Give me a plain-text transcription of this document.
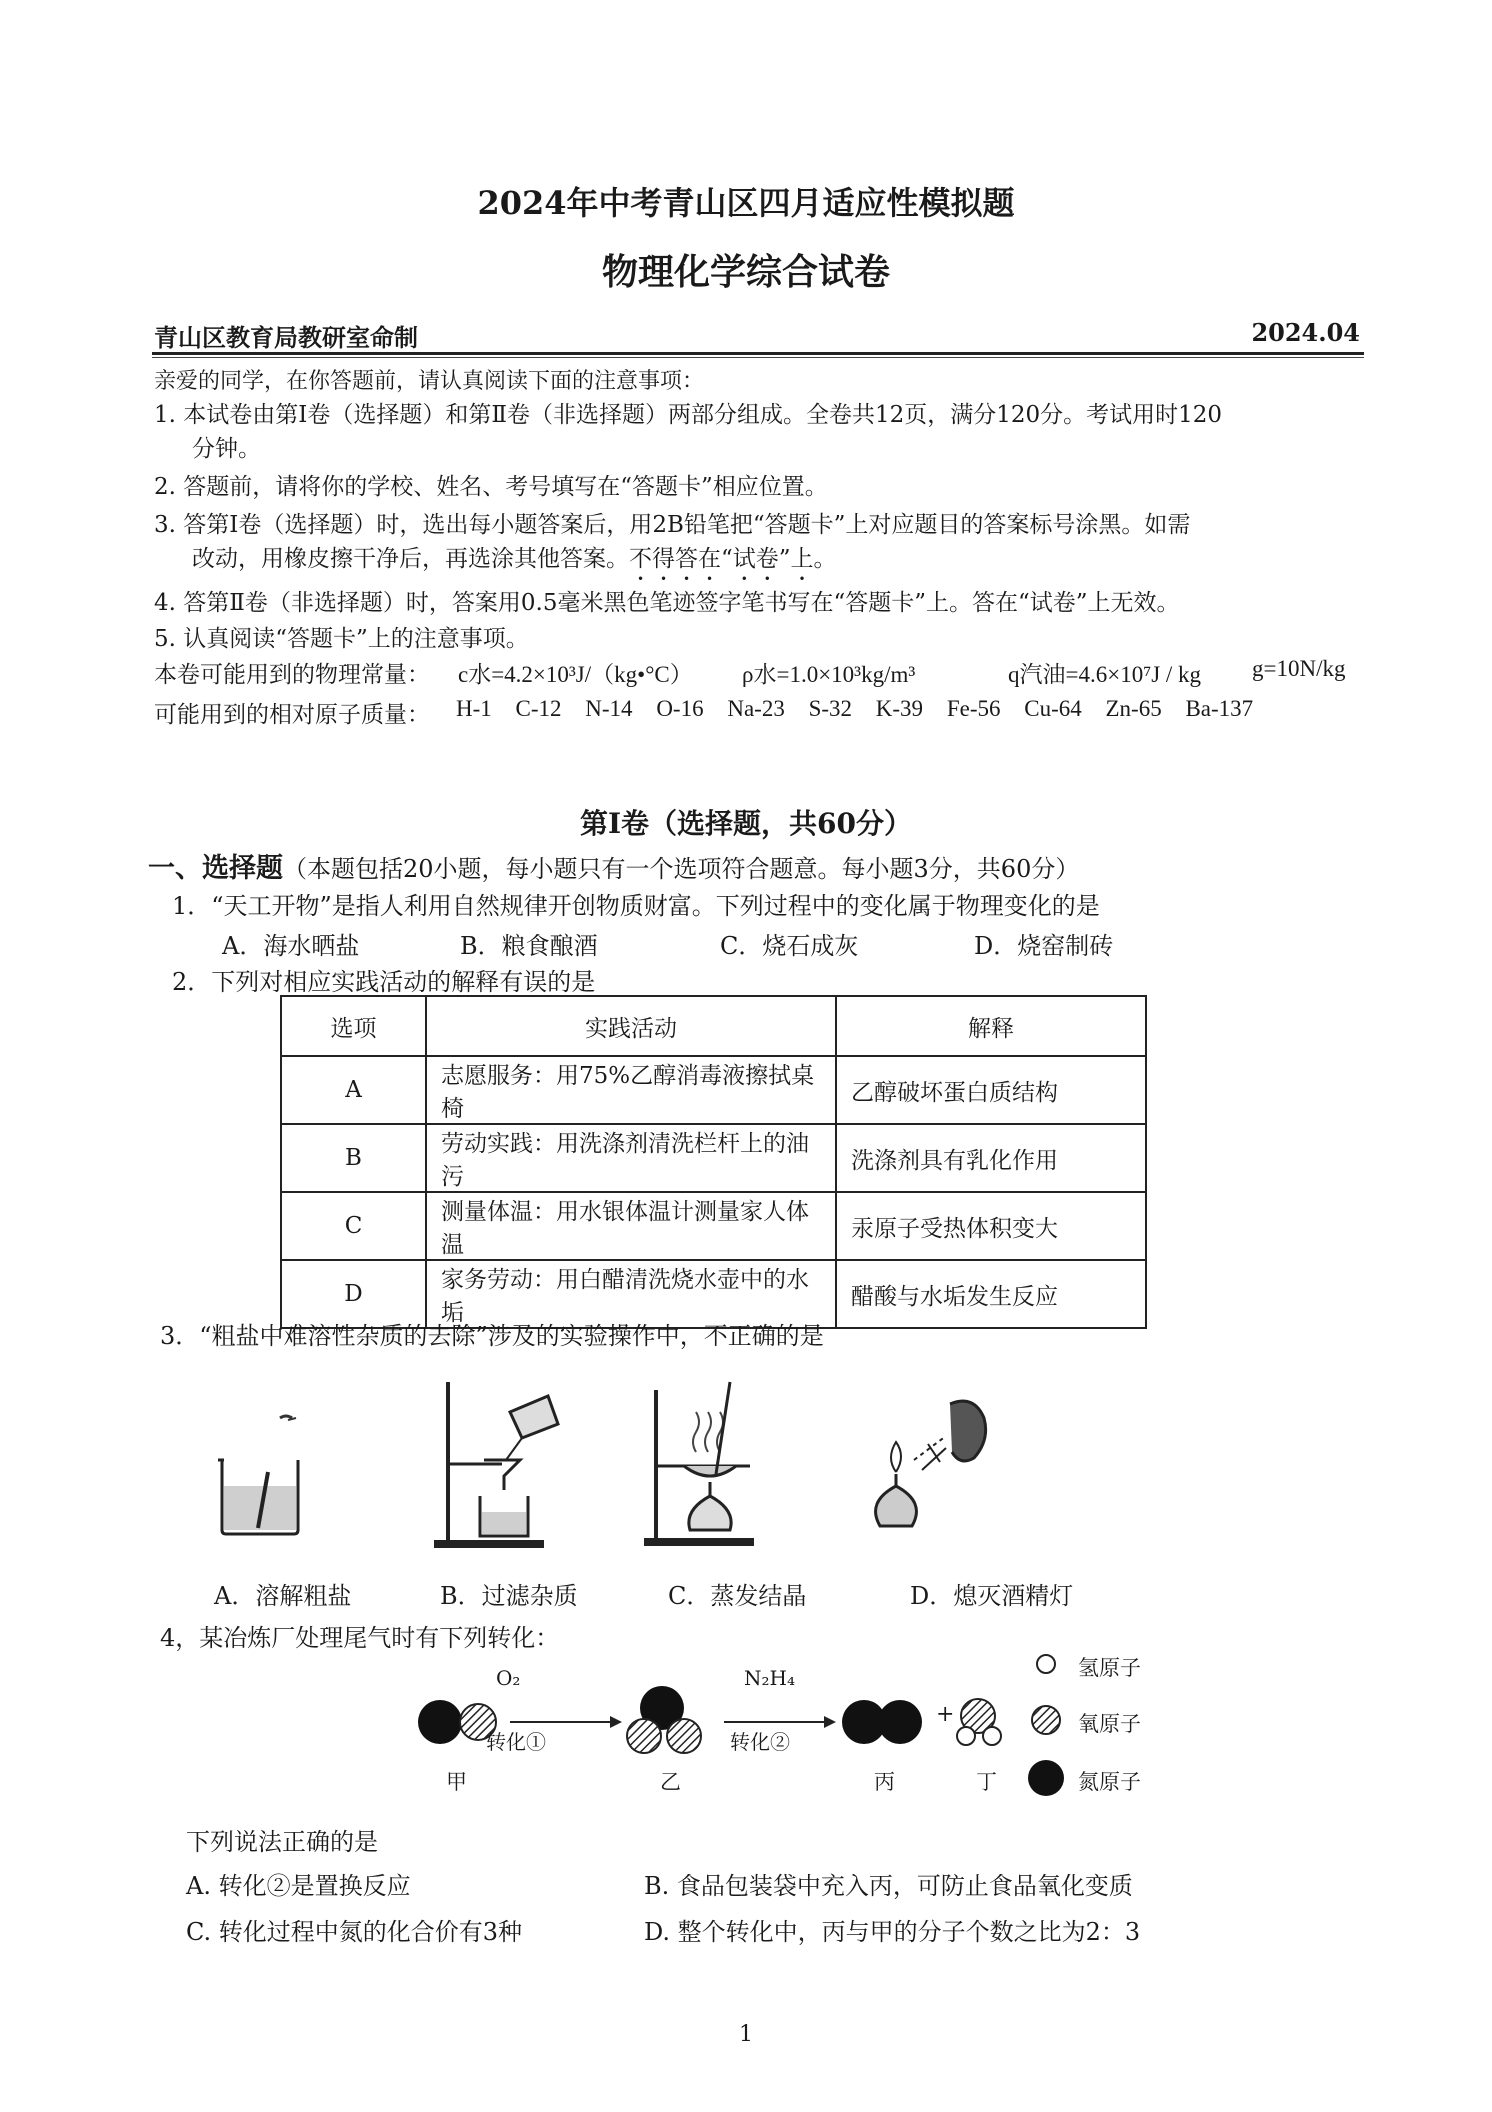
2024年中考青山区四月适应性模拟题
物理化学综合试卷
青山区教育局教研室命制	2024.04
亲爱的同学，在你答题前，请认真阅读下面的注意事项：
1. 本试卷由第Ⅰ卷（选择题）和第Ⅱ卷（非选择题）两部分组成。全卷共12页，满分120分。考试用时120
分钟。
2. 答题前，请将你的学校、姓名、考号填写在“答题卡”相应位置。
3. 答第Ⅰ卷（选择题）时，选出每小题答案后，用2B铅笔把“答题卡”上对应题目的答案标号涂黑。如需
改动，用橡皮擦干净后，再选涂其他答案。不得答在“试卷”上。
4. 答第Ⅱ卷（非选择题）时，答案用0.5毫米黑色笔迹签字笔书写在“答题卡”上。答在“试卷”上无效。
5. 认真阅读“答题卡”上的注意事项。
本卷可能用到的物理常量： c水=4.2×10³J/（kg•°C） ρ水=1.0×10³kg/m³	q汽油=4.6×10⁷J / kg g=10N/kg
可能用到的相对原子质量： H-1 C-12 N-14 O-16 Na-23 S-32 K-39 Fe-56 Cu-64 Zn-65 Ba-137
第Ⅰ卷（选择题，共60分）
一、选择题（本题包括20小题，每小题只有一个选项符合题意。每小题3分，共60分）
1．“天工开物”是指人利用自然规律开创物质财富。下列过程中的变化属于物理变化的是
A．海水晒盐	B．粮食酿酒	C．烧石成灰	D．烧窑制砖
2．下列对相应实践活动的解释有误的是
选项	实践活动	解释
A	志愿服务：用75%乙醇消毒液擦拭桌椅	乙醇破坏蛋白质结构
B	劳动实践：用洗涤剂清洗栏杆上的油污	洗涤剂具有乳化作用
C	测量体温：用水银体温计测量家人体温	汞原子受热体积变大
D	家务劳动：用白醋清洗烧水壶中的水垢	醋酸与水垢发生反应
3．“粗盐中难溶性杂质的去除”涉及的实验操作中，不正确的是
A．溶解粗盐	B．过滤杂质	C．蒸发结晶	D．熄灭酒精灯
4，某冶炼厂处理尾气时有下列转化：
O₂
转化①
N₂H₄
转化②
+
甲	乙	丙	丁
氢原子
氧原子
氮原子
下列说法正确的是
A. 转化②是置换反应	B. 食品包装袋中充入丙，可防止食品氧化变质
C. 转化过程中氮的化合价有3种	D. 整个转化中，丙与甲的分子个数之比为2：3
1
